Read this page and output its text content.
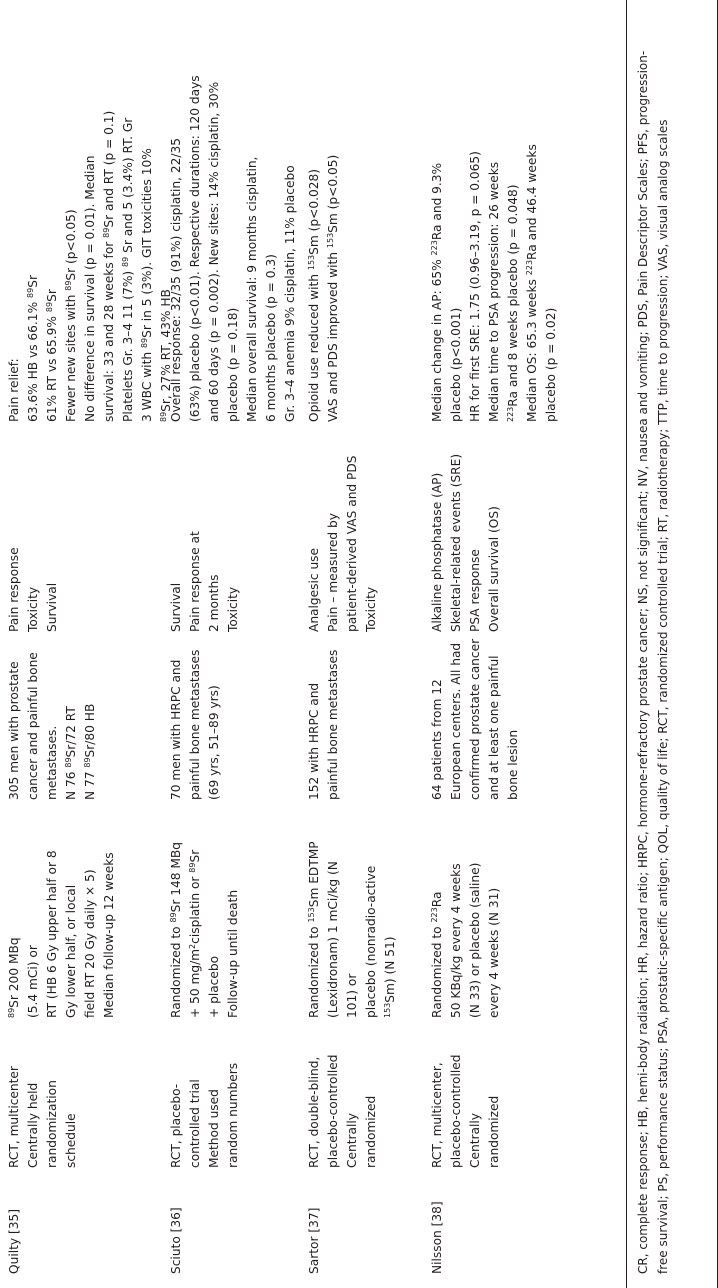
Quilty [35]
RCT, multicenter Centrally held randomization schedule
$^{89}$Sr 200 MBq (5.4 mCi) or RT (HB 6 Gy upper half or 8 Gy lower half, or local field RT 20 Gy daily × 5) Median follow-up 12 weeks
305 men with prostate cancer and painful bone metastases. N 76 $^{89}$Sr/72 RT
N 77 $^{89}$Sr/80 HB
Pain response Toxicity Survival
Pain relief: 63.6% HB vs 66.1% $^{89}$Sr
61% RT vs 65.9% $^{89}$Sr Fewer new sites with $^{89}$Sr (p<0.05) No difference in survival (p = 0.01). Median survival: 33 and 28 weeks for $^{89}$Sr and RT (p = 0.1)
Platelets Gr. 3–4 11 (7%) $^{89}$ Sr and 5 (3.4%) RT. Gr
3 WBC with $^{89}$Sr in 5 (3%). GIT toxicities 10%
$^{89}$Sr, 27% RT, 43% HB
Sciuto [36]
RCT, placebo- controlled trial Method used random numbers
Randomized to $^{89}$Sr 148 MBq
+ 50 $mg/m^2cisplatin$ or $^{89}$Sr
+ placebo Follow-up until death
70 men with HRPC and painful bone metastases (69 yrs, 51–89 yrs)
Survival Pain response at 2 months Toxicity
Overall response: 32/35 (91%) cisplatin, 22/35 (63%) placebo (p<0.01). Respective durations: 120 days and 60 days (p = 0.002). New sites: 14% cisplatin, 30% placebo (p = 0.18) Median overall survival: 9 months cisplatin, 6 months placebo (p = 0.3) Gr. 3–4 anemia 9% cisplatin, 11% placebo
Sartor [37]
RCT, double-blind, placebo-controlled Centrally randomized
Randomized to $^{153}$Sm EDTMP (Lexidronam) 1 mCi/kg (N 101) or placebo (nonradio-active $^{153}$Sm) (N 51)
152 with HRPC and painful bone metastases
Analgesic use Pain – measured by patient-derived VAS and PDS Toxicity
Opioid use reduced with $^{153}$Sm (p<0.028)
VAS and PDS improved with $^{153}$Sm (p<0.05)
Nilsson [38]
RCT, multicenter, placebo-controlled Centrally randomized
Randomized to $^{223}$Ra 50 KBq/kg every 4 weeks (N 33) or placebo (saline) every 4 weeks (N 31)
64 patients from 12 European centers. All had confirmed prostate cancer and at least one painful bone lesion
Alkaline phosphatase (AP) Skeletal-related events (SRE) PSA response Overall survival (OS)
Median change in AP: 65% $^{223}$Ra and 9.3%
placebo (p<0.001) HR for first SRE: 1.75 (0.96–3.19, p = 0.065) Median time to PSA progression: 26 weeks $^{223}$Ra and 8 weeks placebo (p = 0.048) Median OS: 65.3 weeks $^{223}$Ra and 46.4 weeks
placebo (p = 0.02)	CR, complete response; HB, hemi-body radiation; HR, hazard ratio; HRPC, hormone-refractory prostate cancer; NS, not significant; NV, nausea and vomiting; PDS, Pain Descriptor Scales; PFS, progression- free survival; PS, performance status; PSA, prostatic-specific antigen; QOL, quality of life; RCT, randomized controlled trial; RT, radiotherapy; TTP, time to progression; VAS, visual analog scales
